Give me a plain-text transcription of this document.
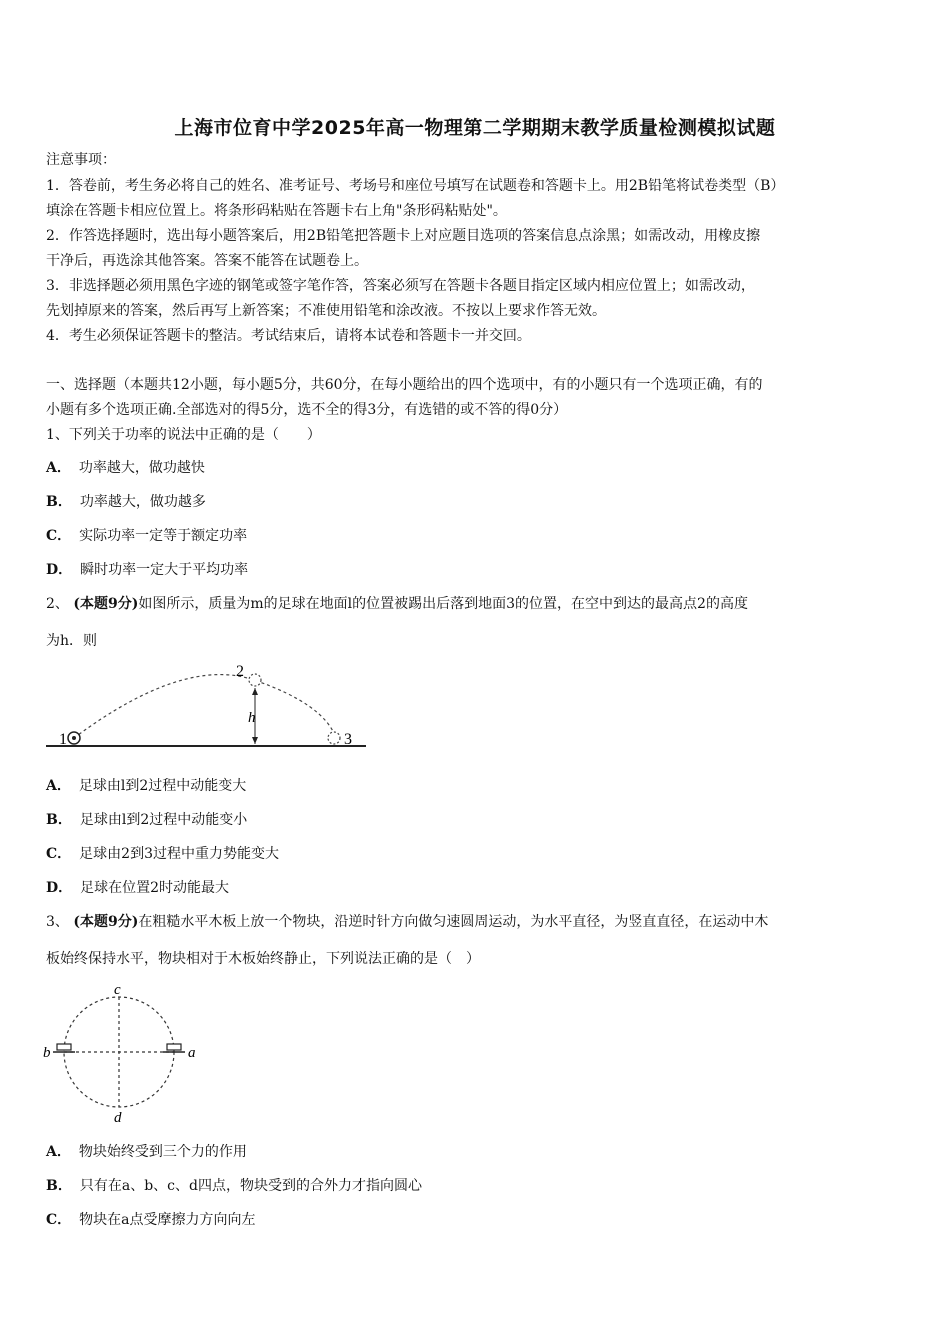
上海市位育中学2025年高一物理第二学期期末教学质量检测模拟试题
注意事项：
1．答卷前，考生务必将自己的姓名、准考证号、考场号和座位号填写在试题卷和答题卡上。用2B铅笔将试卷类型（B）
填涂在答题卡相应位置上。将条形码粘贴在答题卡右上角"条形码粘贴处"。
2．作答选择题时，选出每小题答案后，用2B铅笔把答题卡上对应题目选项的答案信息点涂黑；如需改动，用橡皮擦
干净后，再选涂其他答案。答案不能答在试题卷上。
3．非选择题必须用黑色字迹的钢笔或签字笔作答，答案必须写在答题卡各题目指定区域内相应位置上；如需改动，
先划掉原来的答案，然后再写上新答案；不准使用铅笔和涂改液。不按以上要求作答无效。
4．考生必须保证答题卡的整洁。考试结束后，请将本试卷和答题卡一并交回。
一、选择题（本题共12小题，每小题5分，共60分，在每小题给出的四个选项中，有的小题只有一个选项正确，有的
小题有多个选项正确.全部选对的得5分，选不全的得3分，有选错的或不答的得0分）
1、下列关于功率的说法中正确的是（　　）
A． 功率越大，做功越快
B． 功率越大，做功越多
C． 实际功率一定等于额定功率
D． 瞬时功率一定大于平均功率
2、 (本题9分)如图所示，质量为m的足球在地面l的位置被踢出后落到地面3的位置，在空中到达的最高点2的高度
为h．则
1
2
3
h
A． 足球由l到2过程中动能变大
B． 足球由l到2过程中动能变小
C． 足球由2到3过程中重力势能变大
D． 足球在位置2时动能最大
3、 (本题9分)在粗糙水平木板上放一个物块，沿逆时针方向做匀速圆周运动，为水平直径，为竖直直径，在运动中木
板始终保持水平，物块相对于木板始终静止，下列说法正确的是（　）
c
d
b	a
A． 物块始终受到三个力的作用
B． 只有在a、b、c、d四点，物块受到的合外力才指向圆心
C． 物块在a点受摩擦力方向向左
